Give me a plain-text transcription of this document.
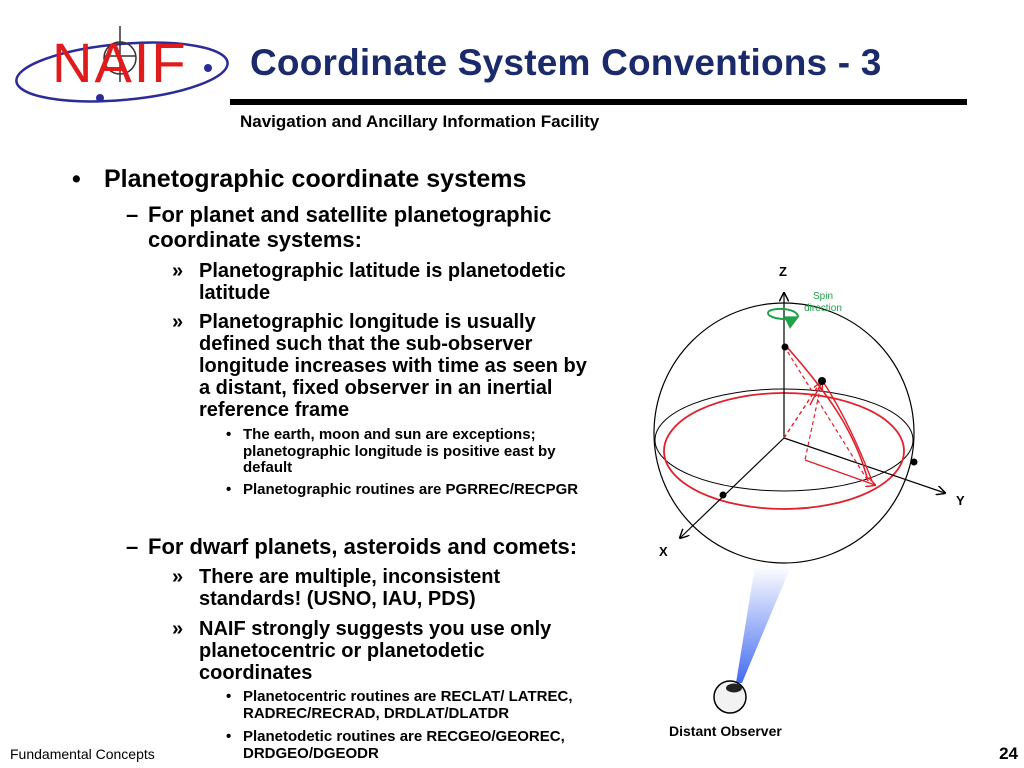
NAIF Coordinate System Conventions - 3
Navigation and Ancillary Information Facility
• Planetographic coordinate systems
– For planet and satellite planetographic
coordinate systems:
» Planetographic latitude is planetodetic
latitude
» Planetographic longitude is usually
defined such that the sub-observer
longitude increases with time as seen by
a distant, fixed observer in an inertial
reference frame
• The earth, moon and sun are exceptions;
planetographic longitude is positive east by
default
• Planetographic routines are PGRREC/RECPGR
– For dwarf planets, asteroids and comets:
» There are multiple, inconsistent
standards! (USNO, IAU, PDS)
» NAIF strongly suggests you use only
planetocentric or planetodetic
coordinates
• Planetocentric routines are RECLAT/ LATREC,
RADREC/RECRAD, DRDLAT/DLATDR
• Planetodetic routines are RECGEO/GEOREC,
DRDGEO/DGEODR
Z
Y
X
Spin
direction
Distant Observer
Fundamental Concepts	24
